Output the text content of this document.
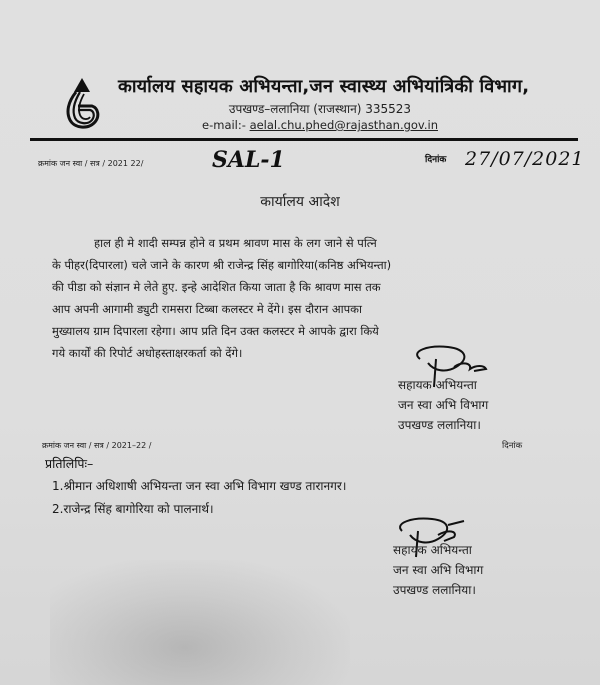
कार्यालय सहायक अभियन्ता,जन स्वास्थ्य अभियांत्रिकी विभाग,
उपखण्ड–ललानिया (राजस्थान) 335523
e-mail:- aelal.chu.phed@rajasthan.gov.in
क्रमांक जन स्वा / सत्र / 2021 22/	SAL-1	दिनांक 27/07/2021
कार्यालय आदेश
हाल ही मे शादी सम्पन्न होने व प्रथम श्रावण मास के लग जाने से पत्नि
के पीहर(दिपारला) चले जाने के कारण श्री राजेन्द्र सिंह बागोरिया(कनिष्ठ अभियन्ता)
की पीडा को संज्ञान मे लेते हुए. इन्हे आदेशित किया जाता है कि श्रावण मास तक
आप अपनी आगामी ड्युटी रामसरा टिब्बा कलस्टर मे देंगे। इस दौरान आपका
मुख्यालय ग्राम दिपारला रहेगा। आप प्रति दिन उक्त कलस्टर मे आपके द्वारा किये
गये कार्यों की रिपोर्ट अधोहस्ताक्षरकर्ता को देंगे।
सहायक अभियन्ता
जन स्वा अभि विभाग
उपखण्ड ललानिया।
क्रमांक जन स्वा / सत्र / 2021–22 /	दिनांक
प्रतिलिपिः–
1.श्रीमान अधिशाषी अभियन्ता जन स्वा अभि विभाग खण्ड तारानगर।
2.राजेन्द्र सिंह बागोरिया को पालनार्थ।
सहायक अभियन्ता
जन स्वा अभि विभाग
उपखण्ड ललानिया।
